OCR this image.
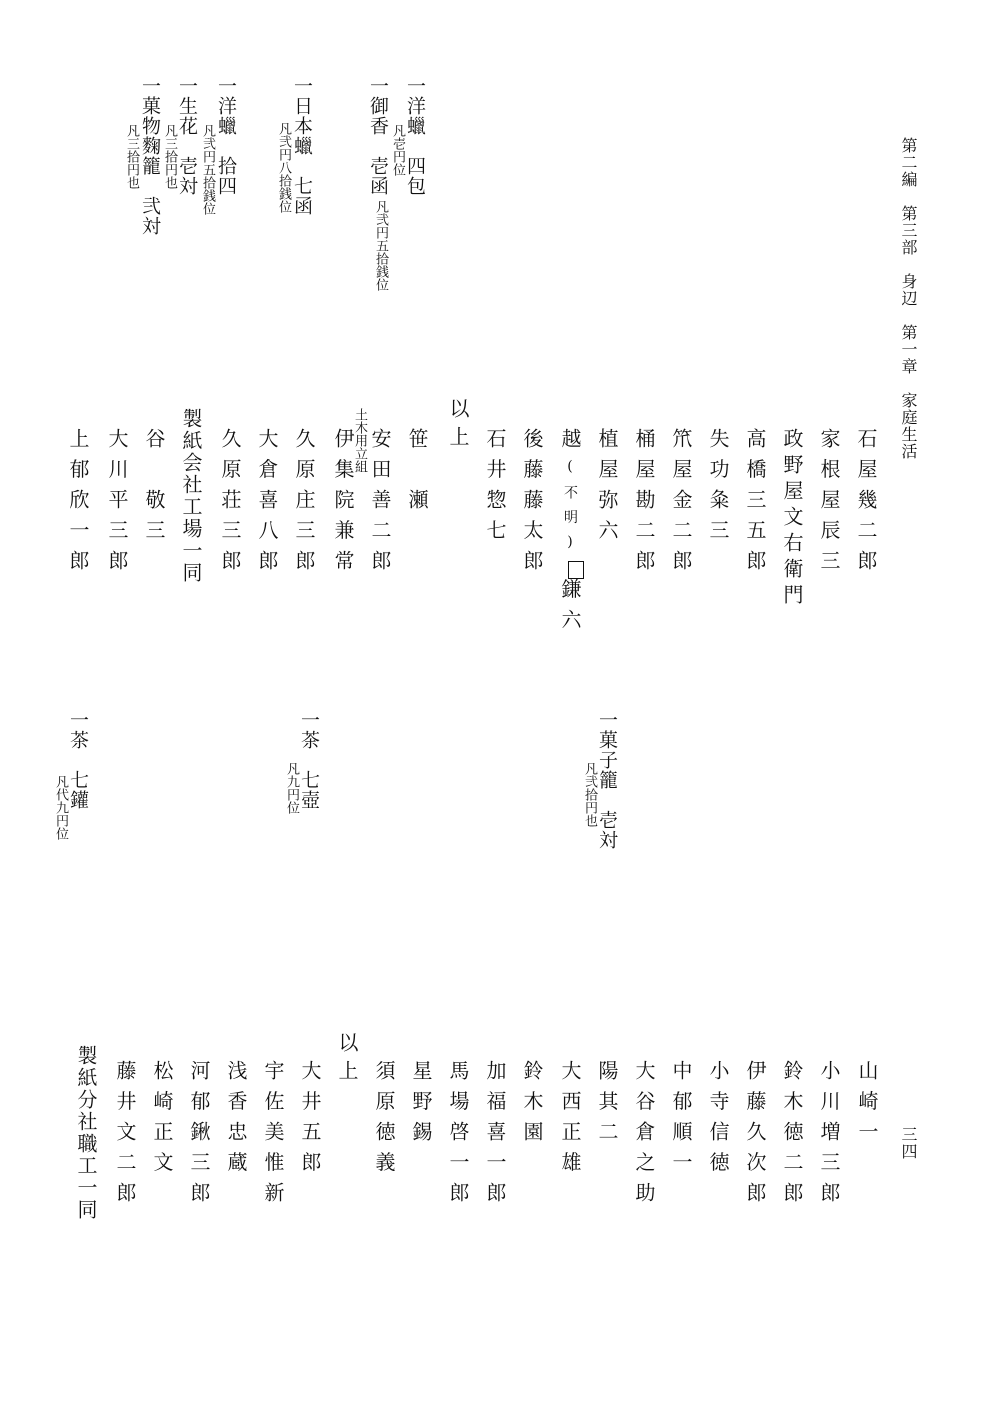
第二編　第三部　身辺　第一章　家庭生活
三四
一洋蠟　四包
凡壱円位
一御香　壱函
凡弐円五拾銭位
一日本蠟　七函
凡弐円八拾銭位
一洋蠟　拾四
凡弐円五拾銭位
一生花　壱対
凡三拾円也
一菓物麴籠　弐対
凡三拾円也
石屋幾二郎
家根屋辰三
政野屋文右衛門
高橋三五郎
失功粂三
笊屋金二郎
桶屋勘二郎
植屋弥六
越(不明)鎌六
後藤藤太郎
石井惣七
以上
笹　瀬
土木用立組 安田善二郎
伊集院兼常
久原庄三郎
大倉喜八郎
久原荘三郎
製紙会社工場一同
谷　敬三
大川平三郎
上郁欣一郎
一菓子籠　壱対
凡弐拾円也
一茶　七壺
凡九円位
一茶　七鑵
凡代九円位
山崎一
小川増三郎
鈴木徳二郎
伊藤久次郎
小寺信徳
中郁順一
大谷倉之助
陽其二
大西正雄
鈴木園
加福喜一郎
馬場啓一郎
星野錫
須原徳義
以上
大井五郎
宇佐美惟新
浅香忠蔵
河郁鍬三郎
松崎正文
藤井文二郎
製紙分社職工一同
